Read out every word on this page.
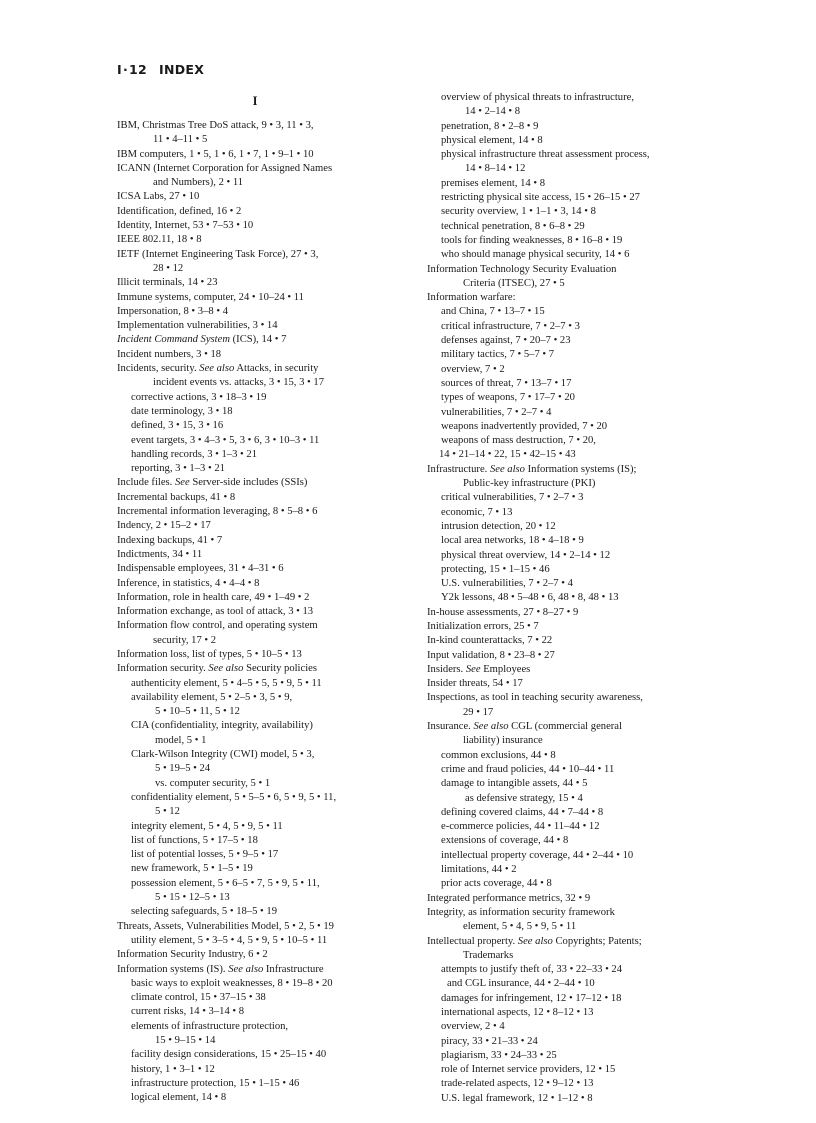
I·12 INDEX
I
IBM, Christmas Tree DoS attack, 9 • 3, 11 • 3,
11 • 4–11 • 5
IBM computers, 1 • 5, 1 • 6, 1 • 7, 1 • 9–1 • 10
ICANN (Internet Corporation for Assigned Names
and Numbers), 2 • 11
ICSA Labs, 27 • 10
Identification, defined, 16 • 2
Identity, Internet, 53 • 7–53 • 10
IEEE 802.11, 18 • 8
IETF (Internet Engineering Task Force), 27 • 3,
28 • 12
Illicit terminals, 14 • 23
Immune systems, computer, 24 • 10–24 • 11
Impersonation, 8 • 3–8 • 4
Implementation vulnerabilities, 3 • 14
Incident Command System (ICS), 14 • 7
Incident numbers, 3 • 18
Incidents, security. See also Attacks, in security
incident events vs. attacks, 3 • 15, 3 • 17
corrective actions, 3 • 18–3 • 19
date terminology, 3 • 18
defined, 3 • 15, 3 • 16
event targets, 3 • 4–3 • 5, 3 • 6, 3 • 10–3 • 11
handling records, 3 • 1–3 • 21
reporting, 3 • 1–3 • 21
Include files. See Server-side includes (SSIs)
Incremental backups, 41 • 8
Incremental information leveraging, 8 • 5–8 • 6
Indency, 2 • 15–2 • 17
Indexing backups, 41 • 7
Indictments, 34 • 11
Indispensable employees, 31 • 4–31 • 6
Inference, in statistics, 4 • 4–4 • 8
Information, role in health care, 49 • 1–49 • 2
Information exchange, as tool of attack, 3 • 13
Information flow control, and operating system
security, 17 • 2
Information loss, list of types, 5 • 10–5 • 13
Information security. See also Security policies
authenticity element, 5 • 4–5 • 5, 5 • 9, 5 • 11
availability element, 5 • 2–5 • 3, 5 • 9,
5 • 10–5 • 11, 5 • 12
CIA (confidentiality, integrity, availability)
model, 5 • 1
Clark-Wilson Integrity (CWI) model, 5 • 3,
5 • 19–5 • 24
vs. computer security, 5 • 1
confidentiality element, 5 • 5–5 • 6, 5 • 9, 5 • 11,
5 • 12
integrity element, 5 • 4, 5 • 9, 5 • 11
list of functions, 5 • 17–5 • 18
list of potential losses, 5 • 9–5 • 17
new framework, 5 • 1–5 • 19
possession element, 5 • 6–5 • 7, 5 • 9, 5 • 11,
5 • 15 • 12–5 • 13
selecting safeguards, 5 • 18–5 • 19
Threats, Assets, Vulnerabilities Model, 5 • 2, 5 • 19
utility element, 5 • 3–5 • 4, 5 • 9, 5 • 10–5 • 11
Information Security Industry, 6 • 2
Information systems (IS). See also Infrastructure
basic ways to exploit weaknesses, 8 • 19–8 • 20
climate control, 15 • 37–15 • 38
current risks, 14 • 3–14 • 8
elements of infrastructure protection,
15 • 9–15 • 14
facility design considerations, 15 • 25–15 • 40
history, 1 • 3–1 • 12
infrastructure protection, 15 • 1–15 • 46
logical element, 14 • 8
overview of physical threats to infrastructure,
14 • 2–14 • 8
penetration, 8 • 2–8 • 9
physical element, 14 • 8
physical infrastructure threat assessment process,
14 • 8–14 • 12
premises element, 14 • 8
restricting physical site access, 15 • 26–15 • 27
security overview, 1 • 1–1 • 3, 14 • 8
technical penetration, 8 • 6–8 • 29
tools for finding weaknesses, 8 • 16–8 • 19
who should manage physical security, 14 • 6
Information Technology Security Evaluation
Criteria (ITSEC), 27 • 5
Information warfare:
and China, 7 • 13–7 • 15
critical infrastructure, 7 • 2–7 • 3
defenses against, 7 • 20–7 • 23
military tactics, 7 • 5–7 • 7
overview, 7 • 2
sources of threat, 7 • 13–7 • 17
types of weapons, 7 • 17–7 • 20
vulnerabilities, 7 • 2–7 • 4
weapons inadvertently provided, 7 • 20
weapons of mass destruction, 7 • 20,
14 • 21–14 • 22, 15 • 42–15 • 43
Infrastructure. See also Information systems (IS);
Public-key infrastructure (PKI)
critical vulnerabilities, 7 • 2–7 • 3
economic, 7 • 13
intrusion detection, 20 • 12
local area networks, 18 • 4–18 • 9
physical threat overview, 14 • 2–14 • 12
protecting, 15 • 1–15 • 46
U.S. vulnerabilities, 7 • 2–7 • 4
Y2k lessons, 48 • 5–48 • 6, 48 • 8, 48 • 13
In-house assessments, 27 • 8–27 • 9
Initialization errors, 25 • 7
In-kind counterattacks, 7 • 22
Input validation, 8 • 23–8 • 27
Insiders. See Employees
Insider threats, 54 • 17
Inspections, as tool in teaching security awareness,
29 • 17
Insurance. See also CGL (commercial general
liability) insurance
common exclusions, 44 • 8
crime and fraud policies, 44 • 10–44 • 11
damage to intangible assets, 44 • 5
as defensive strategy, 15 • 4
defining covered claims, 44 • 7–44 • 8
e-commerce policies, 44 • 11–44 • 12
extensions of coverage, 44 • 8
intellectual property coverage, 44 • 2–44 • 10
limitations, 44 • 2
prior acts coverage, 44 • 8
Integrated performance metrics, 32 • 9
Integrity, as information security framework
element, 5 • 4, 5 • 9, 5 • 11
Intellectual property. See also Copyrights; Patents;
Trademarks
attempts to justify theft of, 33 • 22–33 • 24
and CGL insurance, 44 • 2–44 • 10
damages for infringement, 12 • 17–12 • 18
international aspects, 12 • 8–12 • 13
overview, 2 • 4
piracy, 33 • 21–33 • 24
plagiarism, 33 • 24–33 • 25
role of Internet service providers, 12 • 15
trade-related aspects, 12 • 9–12 • 13
U.S. legal framework, 12 • 1–12 • 8
